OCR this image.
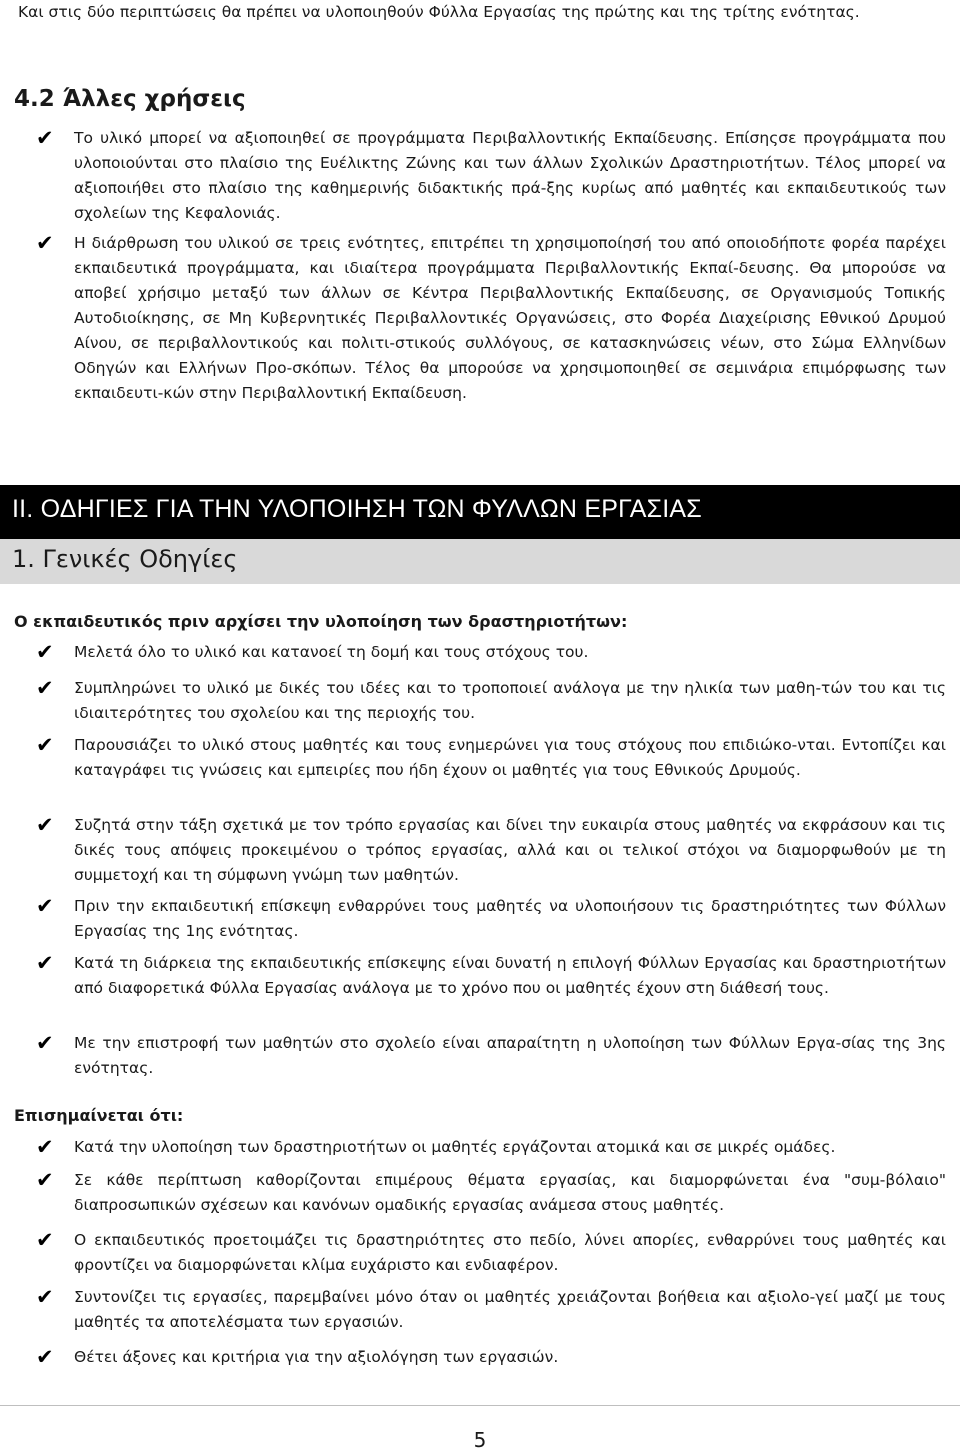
Και στις δύο περιπτώσεις θα πρέπει να υλοποιηθούν Φύλλα Εργασίας της πρώτης και της τρίτης ενότητας.

4.2 Άλλες χρήσεις
✔ Το υλικό μπορεί να αξιοποιηθεί σε προγράμματα Περιβαλλοντικής Εκπαίδευσης. Επίσηςσε προγράμματα που υλοποιούνται στο πλαίσιο της Ευέλικτης Ζώνης και των άλλων Σχολικών Δραστηριοτήτων. Τέλος μπορεί να αξιοποιήθει στο πλαίσιο της καθημερινής διδακτικής πρά-ξης κυρίως από μαθητές και εκπαιδευτικούς των σχολείων της Κεφαλονιάς.
✔ Η διάρθρωση του υλικού σε τρεις ενότητες, επιτρέπει τη χρησιμοποίησή του από οποιοδήποτε φορέα παρέχει εκπαιδευτικά προγράμματα, και ιδιαίτερα προγράμματα Περιβαλλοντικής Εκπαί-δευσης. Θα μπορούσε να αποβεί χρήσιμο μεταξύ των άλλων σε Κέντρα Περιβαλλοντικής Εκπαίδευσης, σε Οργανισμούς Τοπικής Αυτοδιοίκησης, σε Μη Κυβερνητικές Περιβαλλοντικές Οργανώσεις, στο Φορέα Διαχείρισης Εθνικού Δρυμού Αίνου, σε περιβαλλοντικούς και πολιτι-στικούς συλλόγους, σε κατασκηνώσεις νέων, στο Σώμα Ελληνίδων Οδηγών και Ελλήνων Προ-σκόπων. Τέλος θα μπορούσε να χρησιμοποιηθεί σε σεμινάρια επιμόρφωσης των εκπαιδευτι-κών στην Περιβαλλοντική Εκπαίδευση.
II. ΟΔΗΓΙΕΣ ΓΙΑ ΤΗΝ ΥΛΟΠΟΙΗΣΗ ΤΩΝ ΦΥΛΛΩΝ ΕΡΓΑΣΙΑΣ
1. Γενικές Οδηγίες

Ο εκπαιδευτικός πριν αρχίσει την υλοποίηση των δραστηριοτήτων:

✔ Μελετά όλο το υλικό και κατανοεί τη δομή και τους στόχους του.
✔ Συμπληρώνει το υλικό με δικές του ιδέες και το τροποποιεί ανάλογα με την ηλικία των μαθη-τών του και τις ιδιαιτερότητες του σχολείου και της περιοχής του.
✔ Παρουσιάζει το υλικό στους μαθητές και τους ενημερώνει για τους στόχους που επιδιώκο-νται. Εντοπίζει και καταγράφει τις γνώσεις και εμπειρίες που ήδη έχουν οι μαθητές για τους Εθνικούς Δρυμούς.
✔ Συζητά στην τάξη σχετικά με τον τρόπο εργασίας και δίνει την ευκαιρία στους μαθητές να εκφράσουν και τις δικές τους απόψεις προκειμένου ο τρόπος εργασίας, αλλά και οι τελικοί στόχοι να διαμορφωθούν με τη συμμετοχή και τη σύμφωνη γνώμη των μαθητών.
✔ Πριν την εκπαιδευτική επίσκεψη ενθαρρύνει τους μαθητές να υλοποιήσουν τις δραστηριότητες των Φύλλων Εργασίας της 1ης ενότητας.
✔ Κατά τη διάρκεια της εκπαιδευτικής επίσκεψης είναι δυνατή η επιλογή Φύλλων Εργασίας και δραστηριοτήτων από διαφορετικά Φύλλα Εργασίας ανάλογα με το χρόνο που οι μαθητές έχουν στη διάθεσή τους.
✔ Με την επιστροφή των μαθητών στο σχολείο είναι απαραίτητη η υλοποίηση των Φύλλων Εργα-σίας της 3ης ενότητας.

Επισημαίνεται ότι:

✔ Κατά την υλοποίηση των δραστηριοτήτων οι μαθητές εργάζονται ατομικά και σε μικρές ομάδες.
✔ Σε κάθε περίπτωση καθορίζονται επιμέρους θέματα εργασίας, και διαμορφώνεται ένα "συμ-βόλαιο" διαπροσωπικών σχέσεων και κανόνων ομαδικής εργασίας ανάμεσα στους μαθητές.
✔ Ο εκπαιδευτικός προετοιμάζει τις δραστηριότητες στο πεδίο, λύνει απορίες, ενθαρρύνει τους μαθητές και φροντίζει να διαμορφώνεται κλίμα ευχάριστο και ενδιαφέρον.
✔ Συντονίζει τις εργασίες, παρεμβαίνει μόνο όταν οι μαθητές χρειάζονται βοήθεια και αξιολο-γεί μαζί με τους μαθητές τα αποτελέσματα των εργασιών.
✔ Θέτει άξονες και κριτήρια για την αξιολόγηση των εργασιών.
5
